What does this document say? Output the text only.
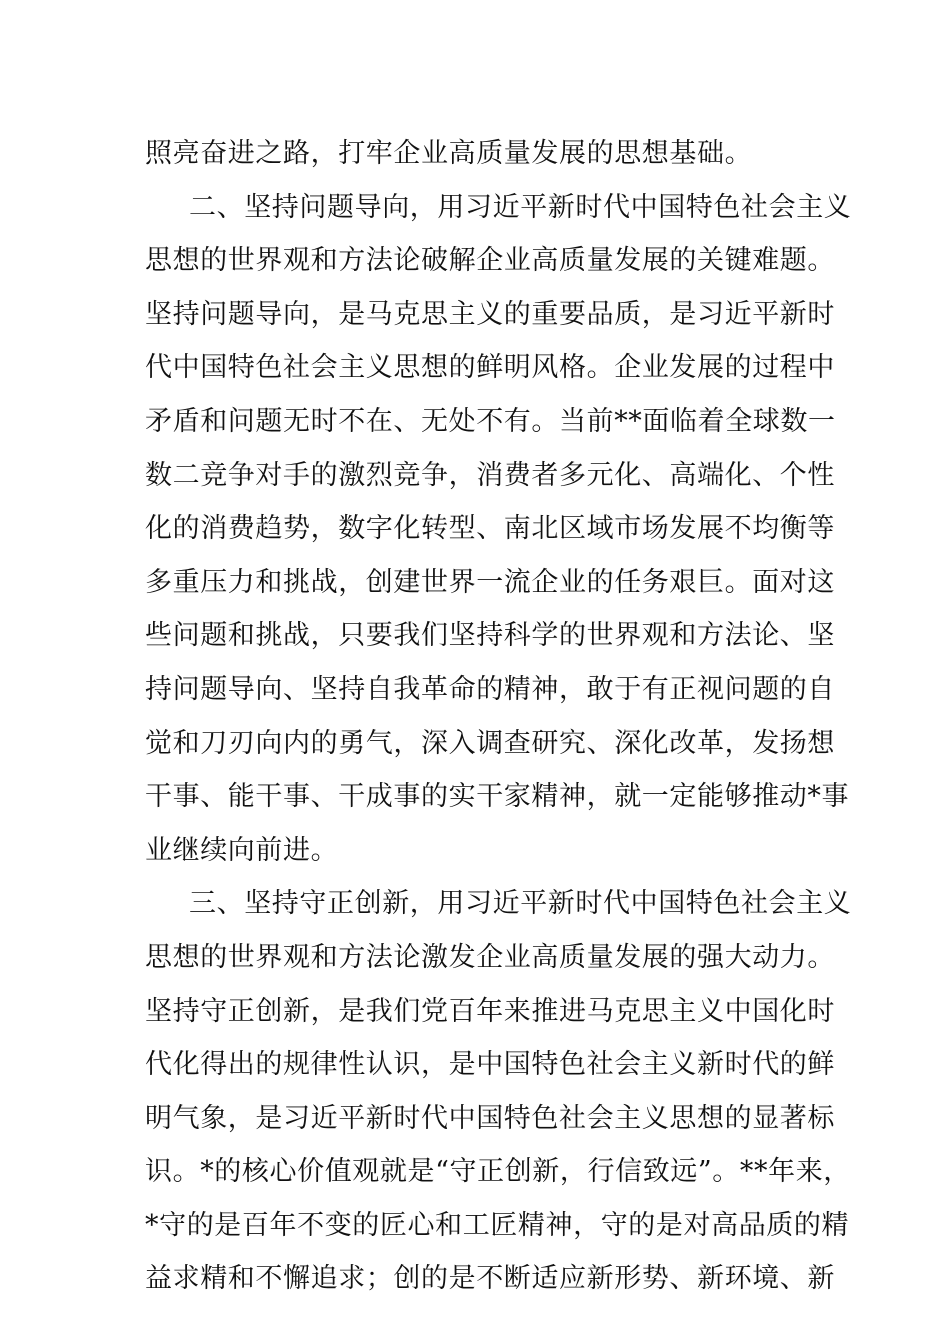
照亮奋进之路，打牢企业高质量发展的思想基础。
二、坚持问题导向，用习近平新时代中国特色社会主义
思想的世界观和方法论破解企业高质量发展的关键难题。
坚持问题导向，是马克思主义的重要品质，是习近平新时
代中国特色社会主义思想的鲜明风格。企业发展的过程中
矛盾和问题无时不在、无处不有。当前**面临着全球数一
数二竞争对手的激烈竞争，消费者多元化、高端化、个性
化的消费趋势，数字化转型、南北区域市场发展不均衡等
多重压力和挑战，创建世界一流企业的任务艰巨。面对这
些问题和挑战，只要我们坚持科学的世界观和方法论、坚
持问题导向、坚持自我革命的精神，敢于有正视问题的自
觉和刀刃向内的勇气，深入调查研究、深化改革，发扬想
干事、能干事、干成事的实干家精神，就一定能够推动*事
业继续向前进。
三、坚持守正创新，用习近平新时代中国特色社会主义
思想的世界观和方法论激发企业高质量发展的强大动力。
坚持守正创新，是我们党百年来推进马克思主义中国化时
代化得出的规律性认识，是中国特色社会主义新时代的鲜
明气象，是习近平新时代中国特色社会主义思想的显著标
识。*的核心价值观就是“守正创新，行信致远”。**年来，
*守的是百年不变的匠心和工匠精神，守的是对高品质的精
益求精和不懈追求；创的是不断适应新形势、新环境、新
